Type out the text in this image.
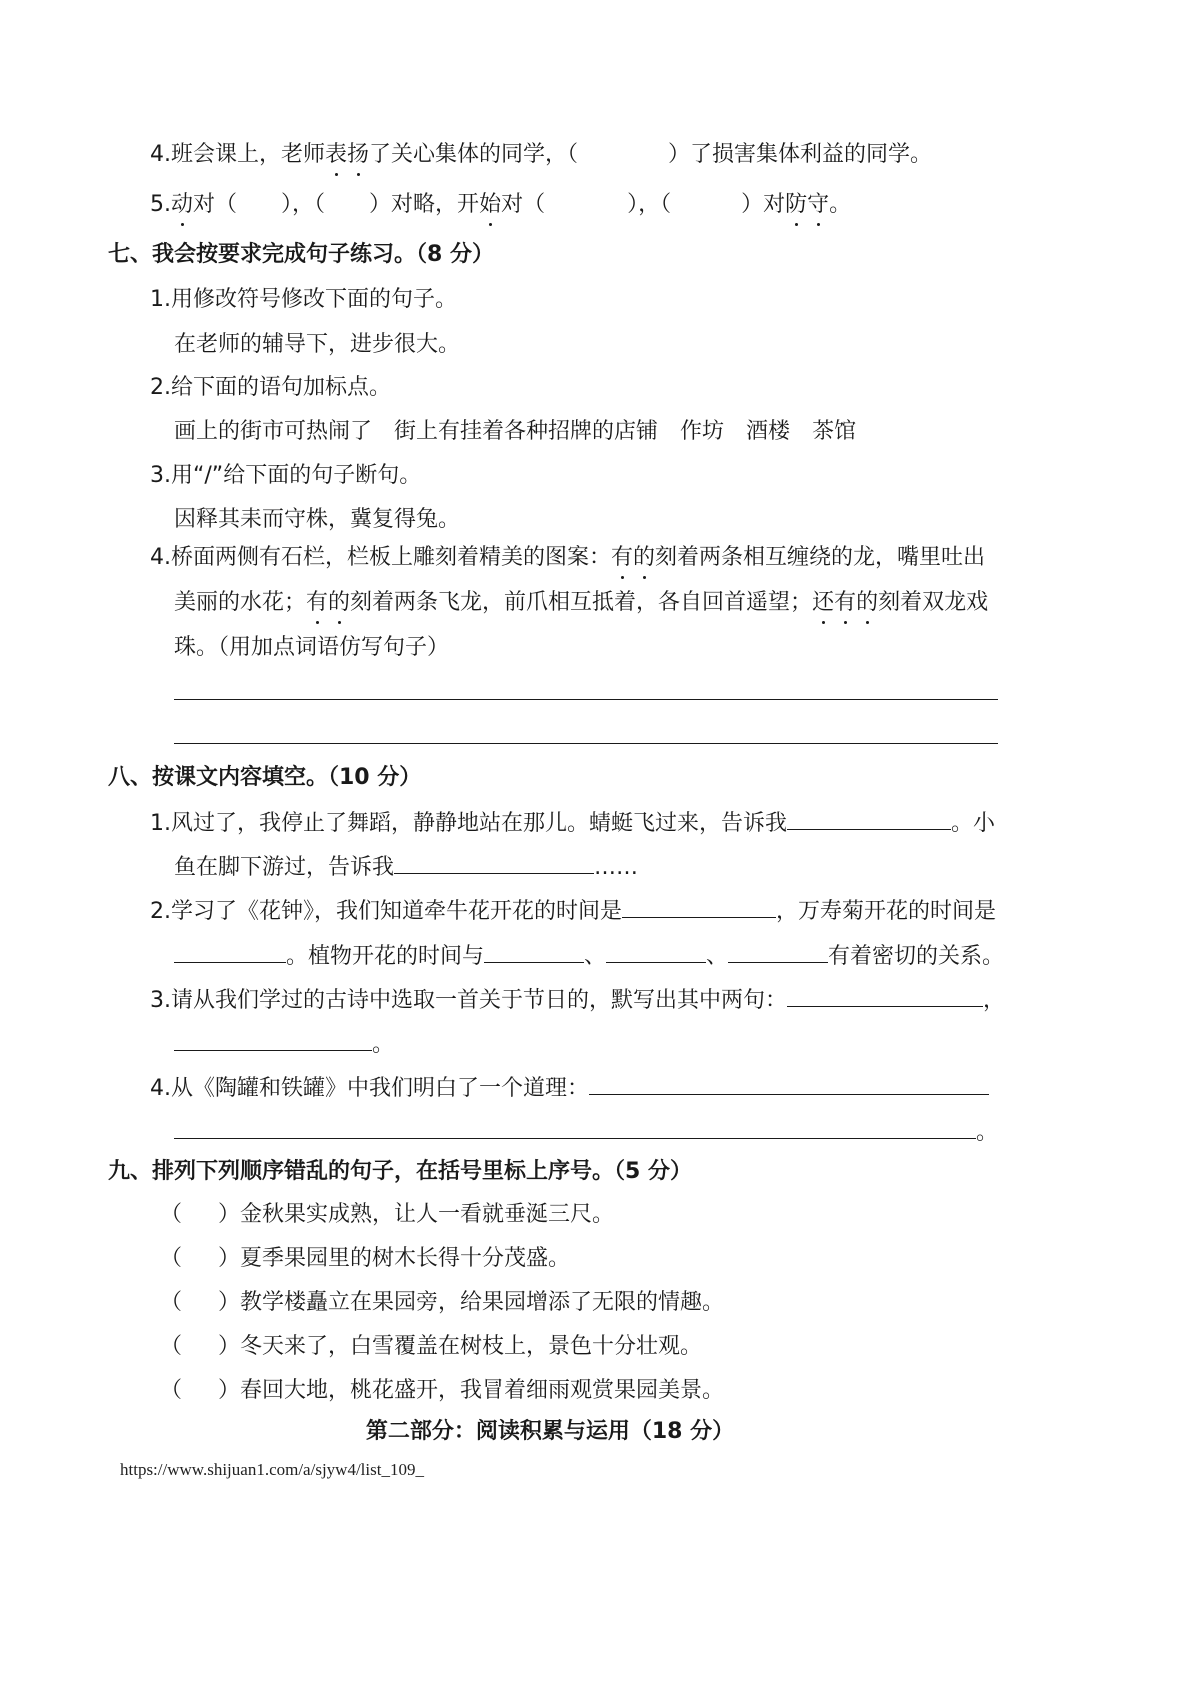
4.班会课上，老师表扬了关心集体的同学，（	）了损害集体利益的同学。
5.动对（ ），（ ）对略，开始对（	），（	）对防守。
七、我会按要求完成句子练习。（8 分）
1.用修改符号修改下面的句子。
在老师的辅导下，进步很大。
2.给下面的语句加标点。
画上的街市可热闹了 街上有挂着各种招牌的店铺 作坊 酒楼 茶馆
3.用“/”给下面的句子断句。
因释其耒而守株，冀复得兔。
4.桥面两侧有石栏，栏板上雕刻着精美的图案：有的刻着两条相互缠绕的龙，嘴里吐出
美丽的水花；有的刻着两条飞龙，前爪相互抵着，各自回首遥望；还有的刻着双龙戏
珠。（用加点词语仿写句子）
八、按课文内容填空。（10 分）
1.风过了，我停止了舞蹈，静静地站在那儿。蜻蜓飞过来，告诉我	。小
鱼在脚下游过，告诉我	……
2.学习了《花钟》，我们知道牵牛花开花的时间是	，万寿菊开花的时间是
。植物开花的时间与	、	、	有着密切的关系。
3.请从我们学过的古诗中选取一首关于节日的，默写出其中两句：	，
。
4.从《陶罐和铁罐》中我们明白了一个道理：
。
九、排列下列顺序错乱的句子，在括号里标上序号。（5 分）
（ ）金秋果实成熟，让人一看就垂涎三尺。
（ ）夏季果园里的树木长得十分茂盛。
（ ）教学楼矗立在果园旁，给果园增添了无限的情趣。
（ ）冬天来了，白雪覆盖在树枝上，景色十分壮观。
（ ）春回大地，桃花盛开，我冒着细雨观赏果园美景。
第二部分：阅读积累与运用（18 分）
https://www.shijuan1.com/a/sjyw4/list_109_
